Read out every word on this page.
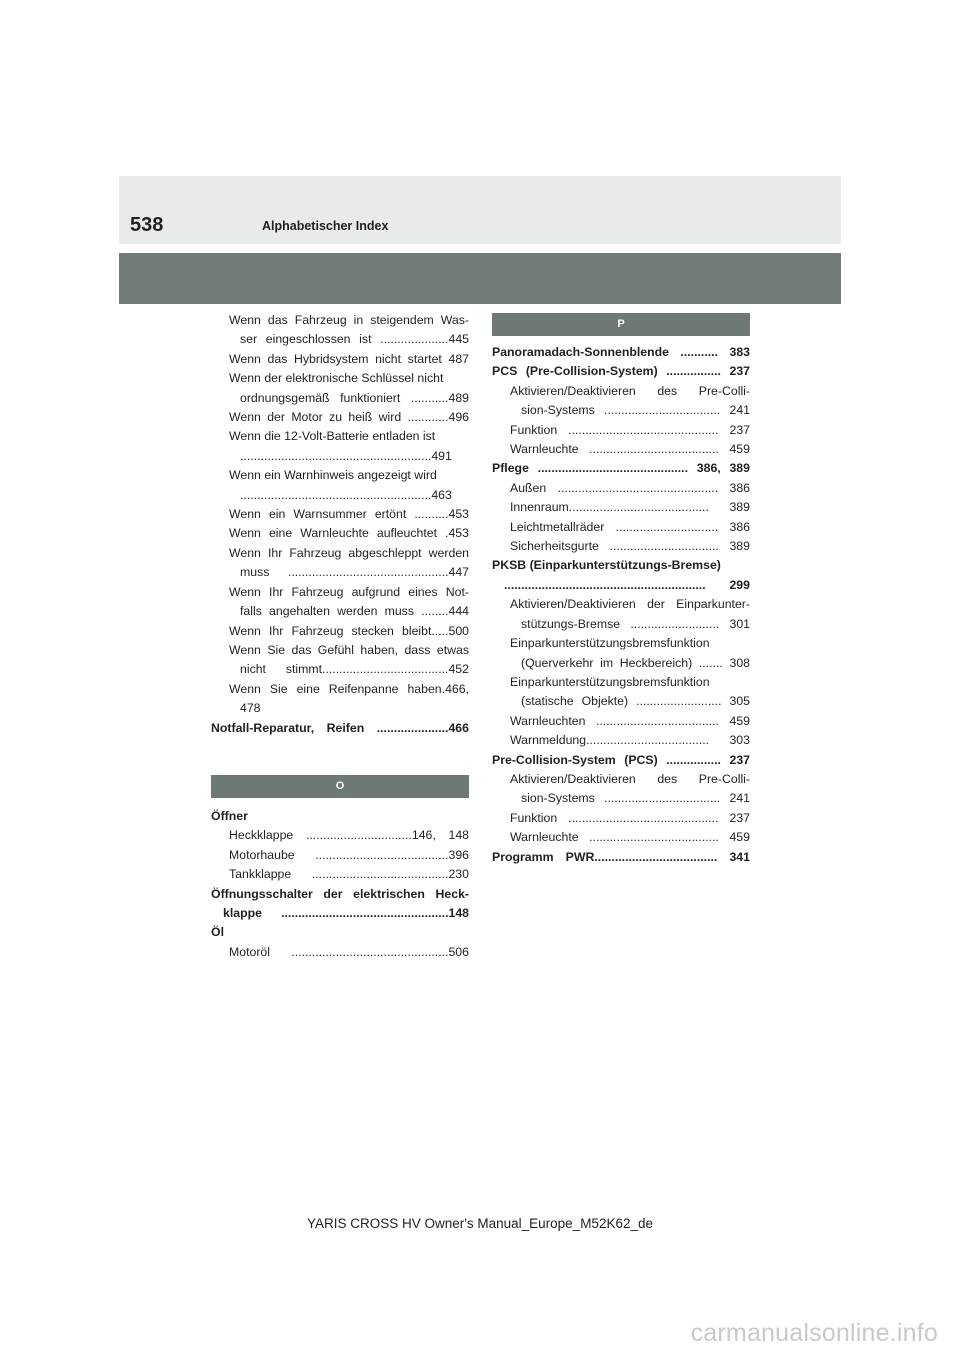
538	Alphabetischer Index
Wenn das Fahrzeug in steigendem Was-
ser eingeschlossen ist ....................445
Wenn das Hybridsystem nicht startet 487
Wenn der elektronische Schlüssel nicht
ordnungsgemäß funktioniert ...........489
Wenn der Motor zu heiß wird ............496
Wenn die 12-Volt-Batterie entladen ist
........................................................491
Wenn ein Warnhinweis angezeigt wird
........................................................463
Wenn ein Warnsummer ertönt ..........453
Wenn eine Warnleuchte aufleuchtet .453
Wenn Ihr Fahrzeug abgeschleppt werden
muss ...............................................447
Wenn Ihr Fahrzeug aufgrund eines Not-
falls angehalten werden muss ........444
Wenn Ihr Fahrzeug stecken bleibt.....500
Wenn Sie das Gefühl haben, dass etwas
nicht stimmt.....................................452
Wenn Sie eine Reifenpanne haben.466,
478
Notfall-Reparatur, Reifen .....................466
O
Öffner
Heckklappe ...............................146, 148
Motorhaube .......................................396
Tankklappe ........................................230
Öffnungsschalter der elektrischen Heck-
klappe .................................................148
Öl
Motoröl ..............................................506
P
Panoramadach-Sonnenblende ........... 383
PCS (Pre-Collision-System) ................ 237
Aktivieren/Deaktivieren des Pre-Colli-
sion-Systems .................................. 241
Funktion ............................................ 237
Warnleuchte ...................................... 459
Pflege ............................................ 386, 389
Außen ............................................... 386
Innenraum......................................... 389
Leichtmetallräder .............................. 386
Sicherheitsgurte ................................ 389
PKSB (Einparkunterstützungs-Bremse)
........................................................... 299
Aktivieren/Deaktivieren der Einparkunter-
stützungs-Bremse .......................... 301
Einparkunterstützungsbremsfunktion
(Querverkehr im Heckbereich) ....... 308
Einparkunterstützungsbremsfunktion
(statische Objekte) ......................... 305
Warnleuchten .................................... 459
Warnmeldung.................................... 303
Pre-Collision-System (PCS) ................ 237
Aktivieren/Deaktivieren des Pre-Colli-
sion-Systems .................................. 241
Funktion ............................................ 237
Warnleuchte ...................................... 459
Programm PWR.................................... 341
YARIS CROSS HV Owner's Manual_Europe_M52K62_de
carmanualsonline.info
